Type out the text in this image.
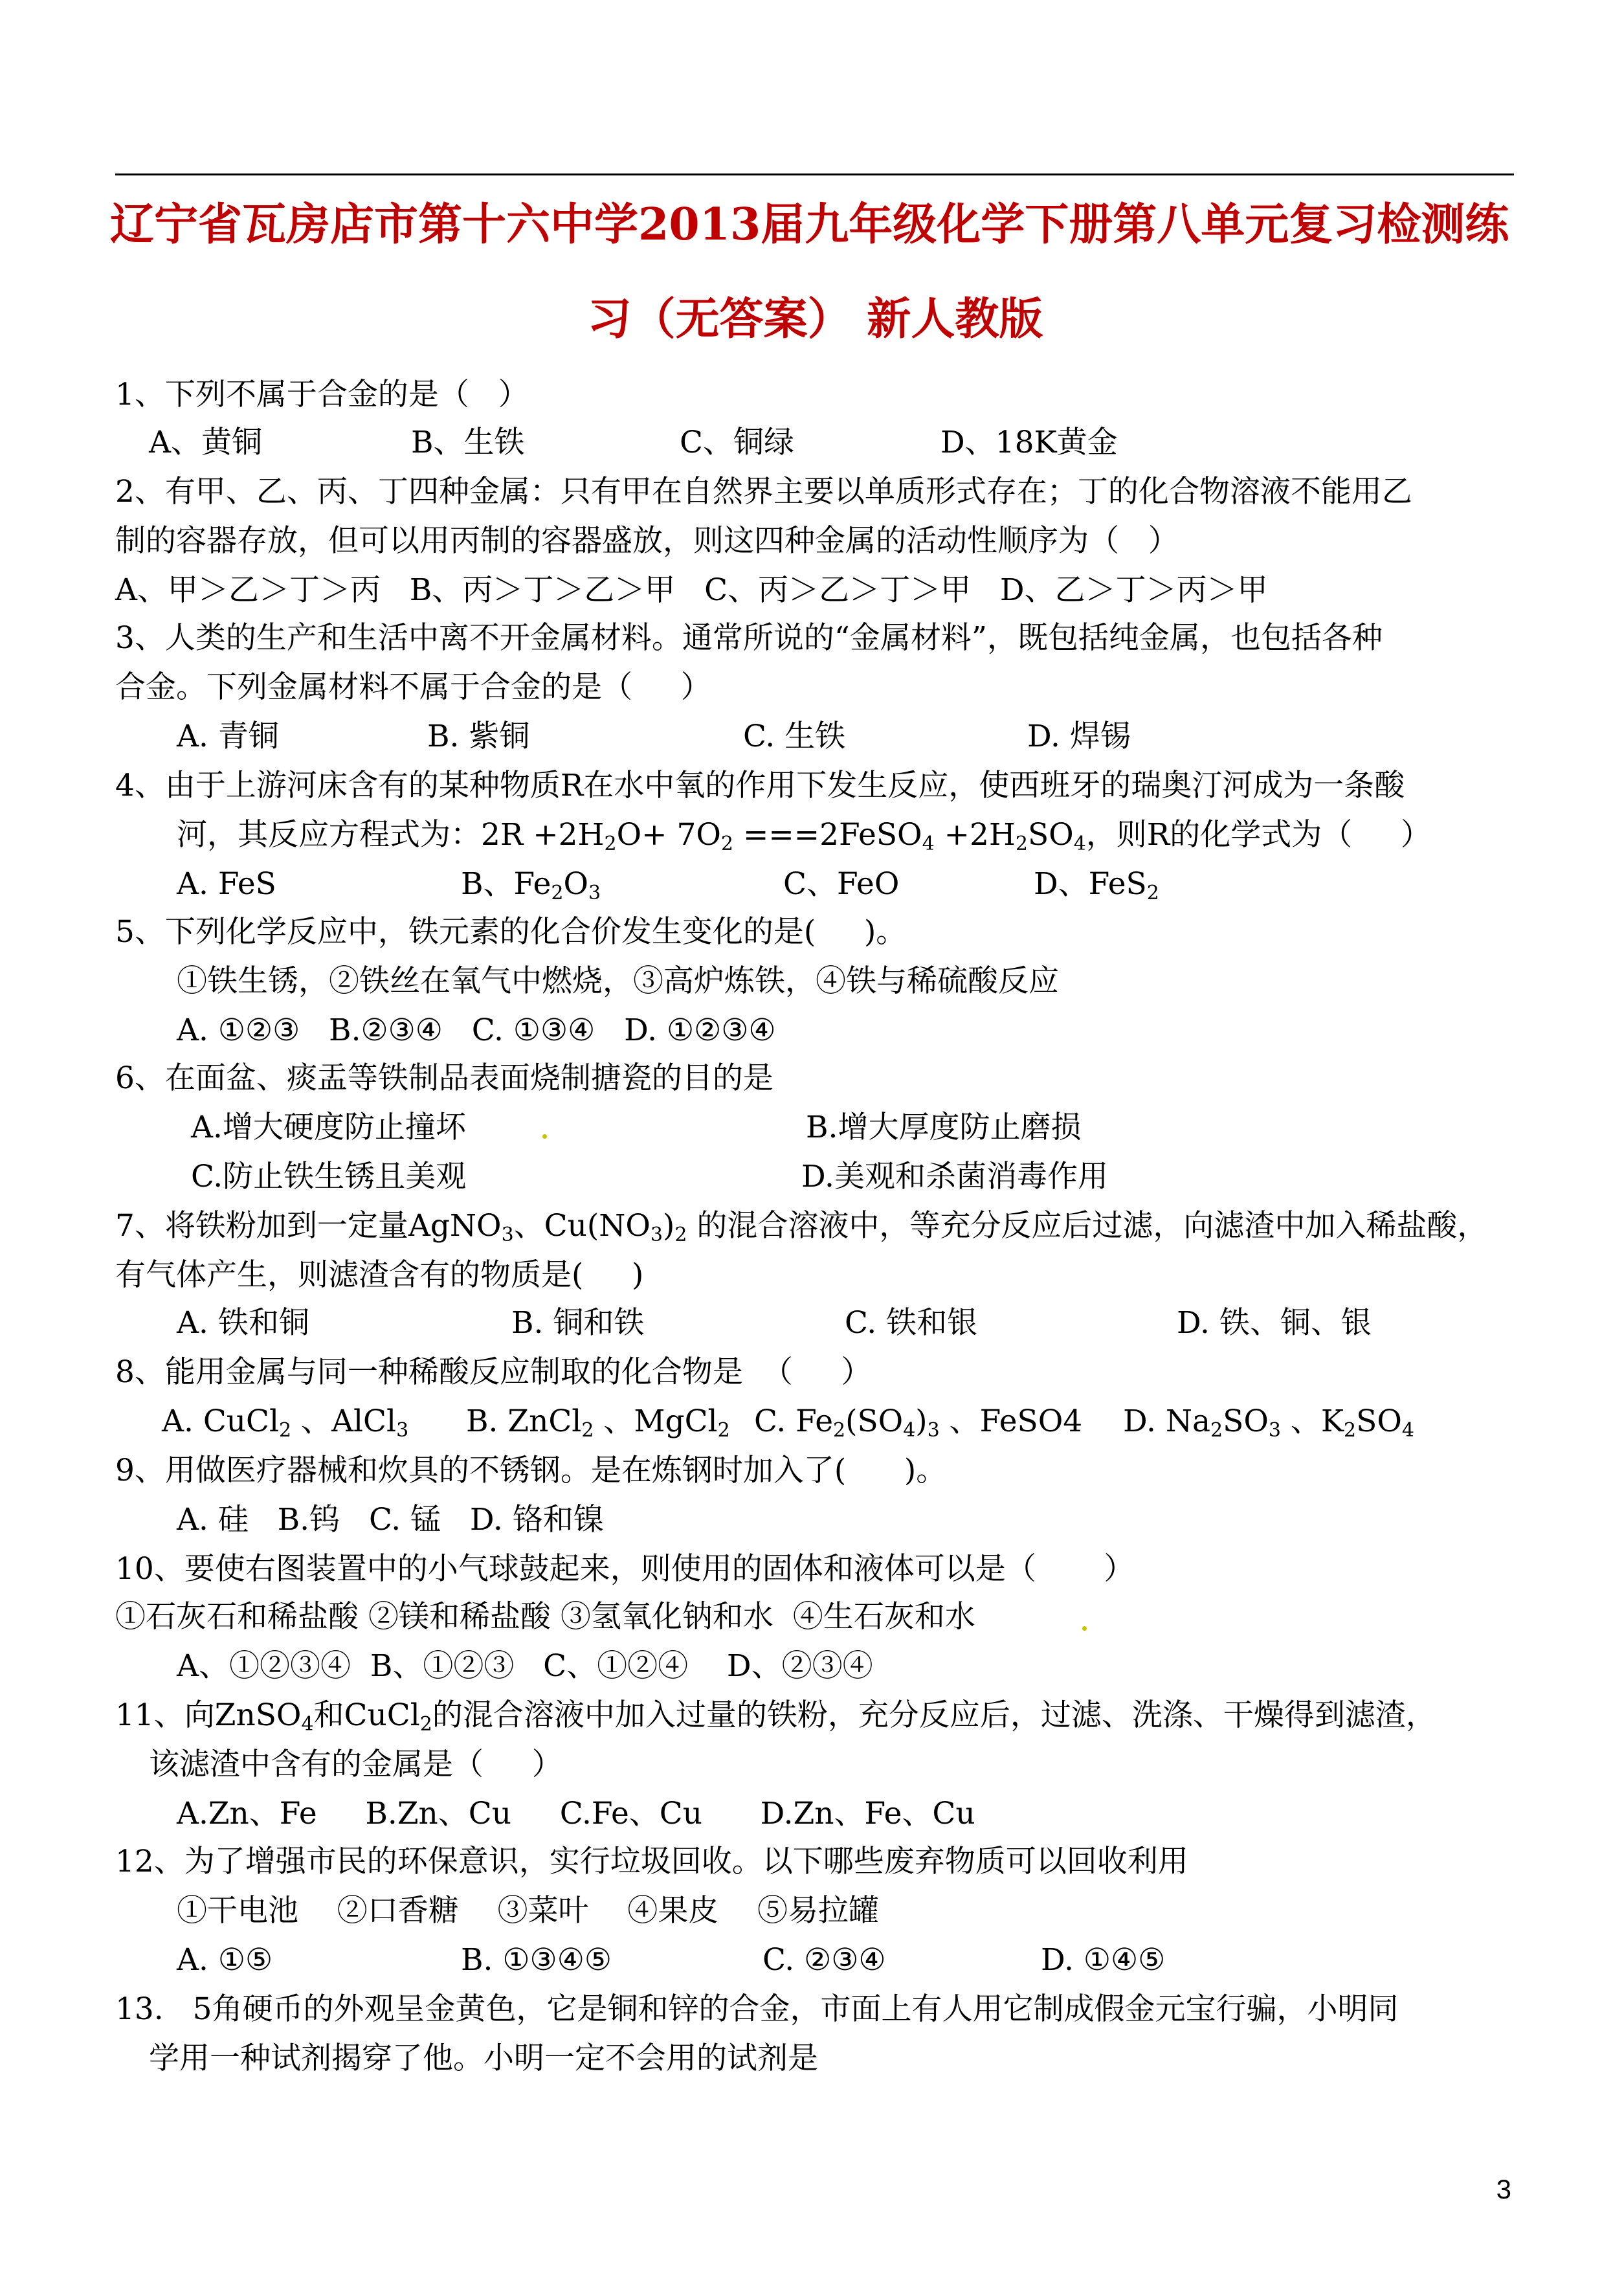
辽宁省瓦房店市第十六中学2013届九年级化学下册第八单元复习检测练
习（无答案） 新人教版
1、下列不属于合金的是（   ）
A、黄铜	B、生铁	C、铜绿	D、18K黄金
2、有甲、乙、丙、丁四种金属：只有甲在自然界主要以单质形式存在；丁的化合物溶液不能用乙
制的容器存放，但可以用丙制的容器盛放，则这四种金属的活动性顺序为（   ）
A、甲＞乙＞丁＞丙   B、丙＞丁＞乙＞甲   C、丙＞乙＞丁＞甲   D、乙＞丁＞丙＞甲
3、人类的生产和生活中离不开金属材料。通常所说的“金属材料”，既包括纯金属，也包括各种
合金。下列金属材料不属于合金的是（     ）
A. 青铜	B. 紫铜	C. 生铁	D. 焊锡
4、由于上游河床含有的某种物质R在水中氧的作用下发生反应，使西班牙的瑞奥汀河成为一条酸
河，其反应方程式为：$2R +2H_2O+ 7O_2$ ===2FeSO$_4$ $+2H_2SO_4$，则R的化学式为（     ）
A. FeS	B、$Fe_2O_3$	C、FeO	D、FeS$_2$
5、下列化学反应中，铁元素的化合价发生变化的是(     )。
①铁生锈，②铁丝在氧气中燃烧，③高炉炼铁，④铁与稀硫酸反应
A. ①②③   B.②③④   C. ①③④   D. ①②③④
6、在面盆、痰盂等铁制品表面烧制搪瓷的目的是
A.增大硬度防止撞坏	B.增大厚度防止磨损
C.防止铁生锈且美观	D.美观和杀菌消毒作用
7、将铁粉加到一定量AgNO$_3$、$Cu(NO_3)_2$ 的混合溶液中，等充分反应后过滤，向滤渣中加入稀盐酸，
有气体产生，则滤渣含有的物质是(     )
A. 铁和铜	B. 铜和铁	C. 铁和银	D. 铁、铜、银
8、能用金属与同一种稀酸反应制取的化合物是  （     ）
A. CuCl$_2$ 、AlCl$_3$ B. ZnCl$_2$ 、MgCl$_2$ C. $Fe_2(SO_4)_3$ 、FeSO4 D. $Na_2SO_3$ 、$K_2SO_4$
9、用做医疗器械和炊具的不锈钢。是在炼钢时加入了(      )。
A. 硅   B.钨   C. 锰   D. 铬和镍
10、要使右图装置中的小气球鼓起来，则使用的固体和液体可以是（       ）
①石灰石和稀盐酸 ②镁和稀盐酸 ③氢氧化钠和水  ④生石灰和水
A、①②③④  B、①②③   C、①②④    D、②③④
11、向ZnSO$_4$和CuCl$_2$的混合溶液中加入过量的铁粉，充分反应后，过滤、洗涤、干燥得到滤渣，
该滤渣中含有的金属是（     ）
A.Zn、Fe     B.Zn、Cu     C.Fe、Cu      D.Zn、Fe、Cu
12、为了增强市民的环保意识，实行垃圾回收。以下哪些废弃物质可以回收利用
①干电池    ②口香糖    ③菜叶    ④果皮    ⑤易拉罐
A. ①⑤	B. ①③④⑤	C. ②③④	D. ①④⑤
13.   5角硬币的外观呈金黄色，它是铜和锌的合金，市面上有人用它制成假金元宝行骗，小明同
学用一种试剂揭穿了他。小明一定不会用的试剂是
3
